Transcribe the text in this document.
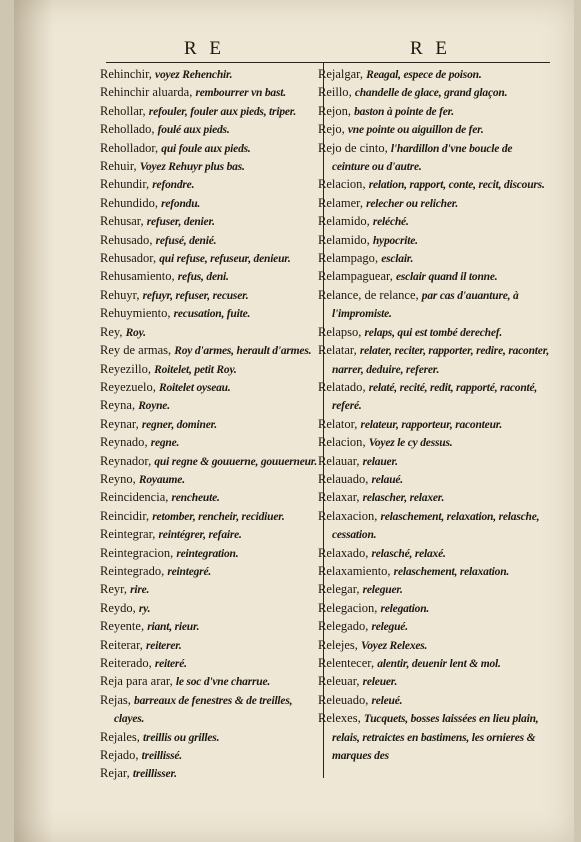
R E	R E

Rehinchir, voyez Rehenchir.

Rehinchir aluarda, rembourrer vn bast.

Rehollar, refouler, fouler aux pieds, triper.

Rehollado, foulé aux pieds.

Rehollador, qui foule aux pieds.

Rehuir, Voyez Rehuyr plus bas.

Rehundir, refondre.

Rehundido, refondu.

Rehusar, refuser, denier.

Rehusado, refusé, denié.

Rehusador, qui refuse, refuseur, denieur.

Rehusamiento, refus, deni.

Rehuyr, refuyr, refuser, recuser.

Rehuymiento, recusation, fuite.

Rey, Roy.

Rey de armas, Roy d'armes, herault d'armes.

Reyezillo, Roitelet, petit Roy.

Reyezuelo, Roitelet oyseau.

Reyna, Royne.

Reynar, regner, dominer.

Reynado, regne.

Reynador, qui regne & gouuerne, gouuerneur.

Reyno, Royaume.

Reincidencia, rencheute.

Reincidir, retomber, rencheir, recidiuer.

Reintegrar, reintégrer, refaire.

Reintegracion, reintegration.

Reintegrado, reintegré.

Reyr, rire.

Reydo, ry.

Reyente, riant, rieur.

Reiterar, reiterer.

Reiterado, reiteré.

Reja para arar, le soc d'vne charrue.

Rejas, barreaux de fenestres & de treilles, clayes.

Rejales, treillis ou grilles.

Rejado, treillissé.

Rejar, treillisser.

Rejalgar, Reagal, espece de poison.

Reillo, chandelle de glace, grand glaçon.

Rejon, baston à pointe de fer.

Rejo, vne pointe ou aiguillon de fer.

Rejo de cinto, l'hardillon d'vne boucle de ceinture ou d'autre.

Relacion, relation, rapport, conte, recit, discours.

Relamer, relecher ou relicher.

Relamido, reléché.

Relamido, hypocrite.

Relampago, esclair.

Relampaguear, esclair quand il tonne.

Relance, de relance, par cas d'auanture, à l'impromiste.

Relapso, relaps, qui est tombé derechef.

Relatar, relater, reciter, rapporter, redire, raconter, narrer, deduire, referer.

Relatado, relaté, recité, redit, rapporté, raconté, referé.

Relator, relateur, rapporteur, raconteur.

Relacion, Voyez le cy dessus.

Relauar, relauer.

Relauado, relaué.

Relaxar, relascher, relaxer.

Relaxacion, relaschement, relaxation, relasche, cessation.

Relaxado, relasché, relaxé.

Relaxamiento, relaschement, relaxation.

Relegar, releguer.

Relegacion, relegation.

Relegado, relegué.

Relejes, Voyez Relexes.

Relentecer, alentir, deuenir lent & mol.

Releuar, releuer.

Releuado, releué.

Relexes, Tucquets, bosses laissées en lieu plain, relais, retraictes en bastimens, les ornieres & marques des
